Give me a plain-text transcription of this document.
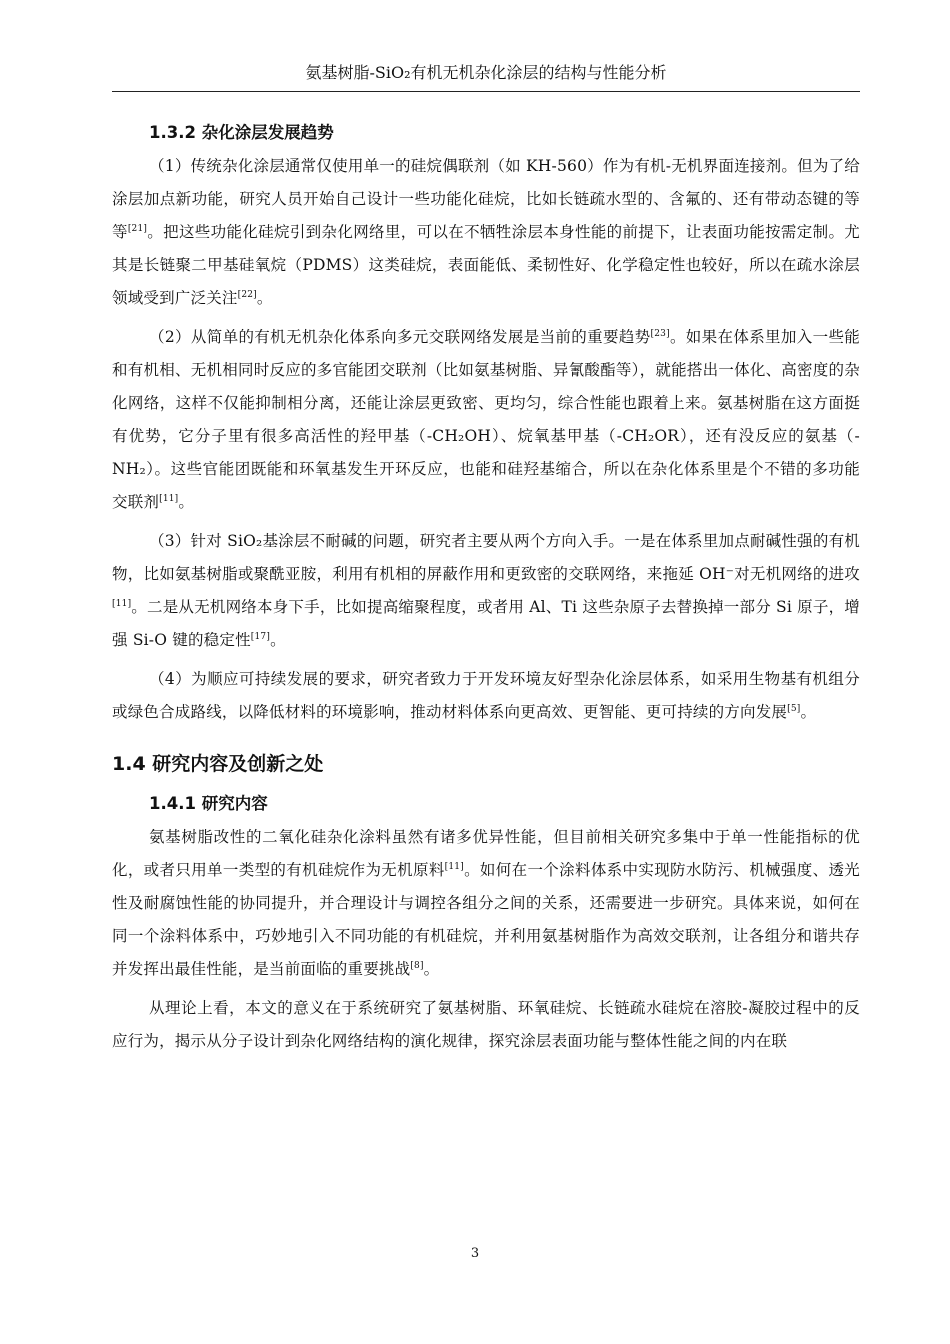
氨基树脂-SiO₂有机无机杂化涂层的结构与性能分析
1.3.2 杂化涂层发展趋势

（1）传统杂化涂层通常仅使用单一的硅烷偶联剂（如 KH-560）作为有机-无机界面连接剂。但为了给涂层加点新功能，研究人员开始自己设计一些功能化硅烷，比如长链疏水型的、含氟的、还有带动态键的等等[21]。把这些功能化硅烷引到杂化网络里，可以在不牺牲涂层本身性能的前提下，让表面功能按需定制。尤其是长链聚二甲基硅氧烷（PDMS）这类硅烷，表面能低、柔韧性好、化学稳定性也较好，所以在疏水涂层领域受到广泛关注[22]。

（2）从简单的有机无机杂化体系向多元交联网络发展是当前的重要趋势[23]。如果在体系里加入一些能和有机相、无机相同时反应的多官能团交联剂（比如氨基树脂、异氰酸酯等），就能搭出一体化、高密度的杂化网络，这样不仅能抑制相分离，还能让涂层更致密、更均匀，综合性能也跟着上来。氨基树脂在这方面挺有优势，它分子里有很多高活性的羟甲基（-CH₂OH）、烷氧基甲基（-CH₂OR），还有没反应的氨基（-NH₂）。这些官能团既能和环氧基发生开环反应，也能和硅羟基缩合，所以在杂化体系里是个不错的多功能交联剂[11]。

（3）针对 SiO₂基涂层不耐碱的问题，研究者主要从两个方向入手。一是在体系里加点耐碱性强的有机物，比如氨基树脂或聚酰亚胺，利用有机相的屏蔽作用和更致密的交联网络，来拖延 OH⁻对无机网络的进攻[11]。二是从无机网络本身下手，比如提高缩聚程度，或者用 Al、Ti 这些杂原子去替换掉一部分 Si 原子，增强 Si-O 键的稳定性[17]。

（4）为顺应可持续发展的要求，研究者致力于开发环境友好型杂化涂层体系，如采用生物基有机组分或绿色合成路线，以降低材料的环境影响，推动材料体系向更高效、更智能、更可持续的方向发展[5]。

1.4 研究内容及创新之处
1.4.1 研究内容

氨基树脂改性的二氧化硅杂化涂料虽然有诸多优异性能，但目前相关研究多集中于单一性能指标的优化，或者只用单一类型的有机硅烷作为无机原料[11]。如何在一个涂料体系中实现防水防污、机械强度、透光性及耐腐蚀性能的协同提升，并合理设计与调控各组分之间的关系，还需要进一步研究。具体来说，如何在同一个涂料体系中，巧妙地引入不同功能的有机硅烷，并利用氨基树脂作为高效交联剂，让各组分和谐共存并发挥出最佳性能，是当前面临的重要挑战[8]。

从理论上看，本文的意义在于系统研究了氨基树脂、环氧硅烷、长链疏水硅烷在溶胶-凝胶过程中的反应行为，揭示从分子设计到杂化网络结构的演化规律，探究涂层表面功能与整体性能之间的内在联

3
